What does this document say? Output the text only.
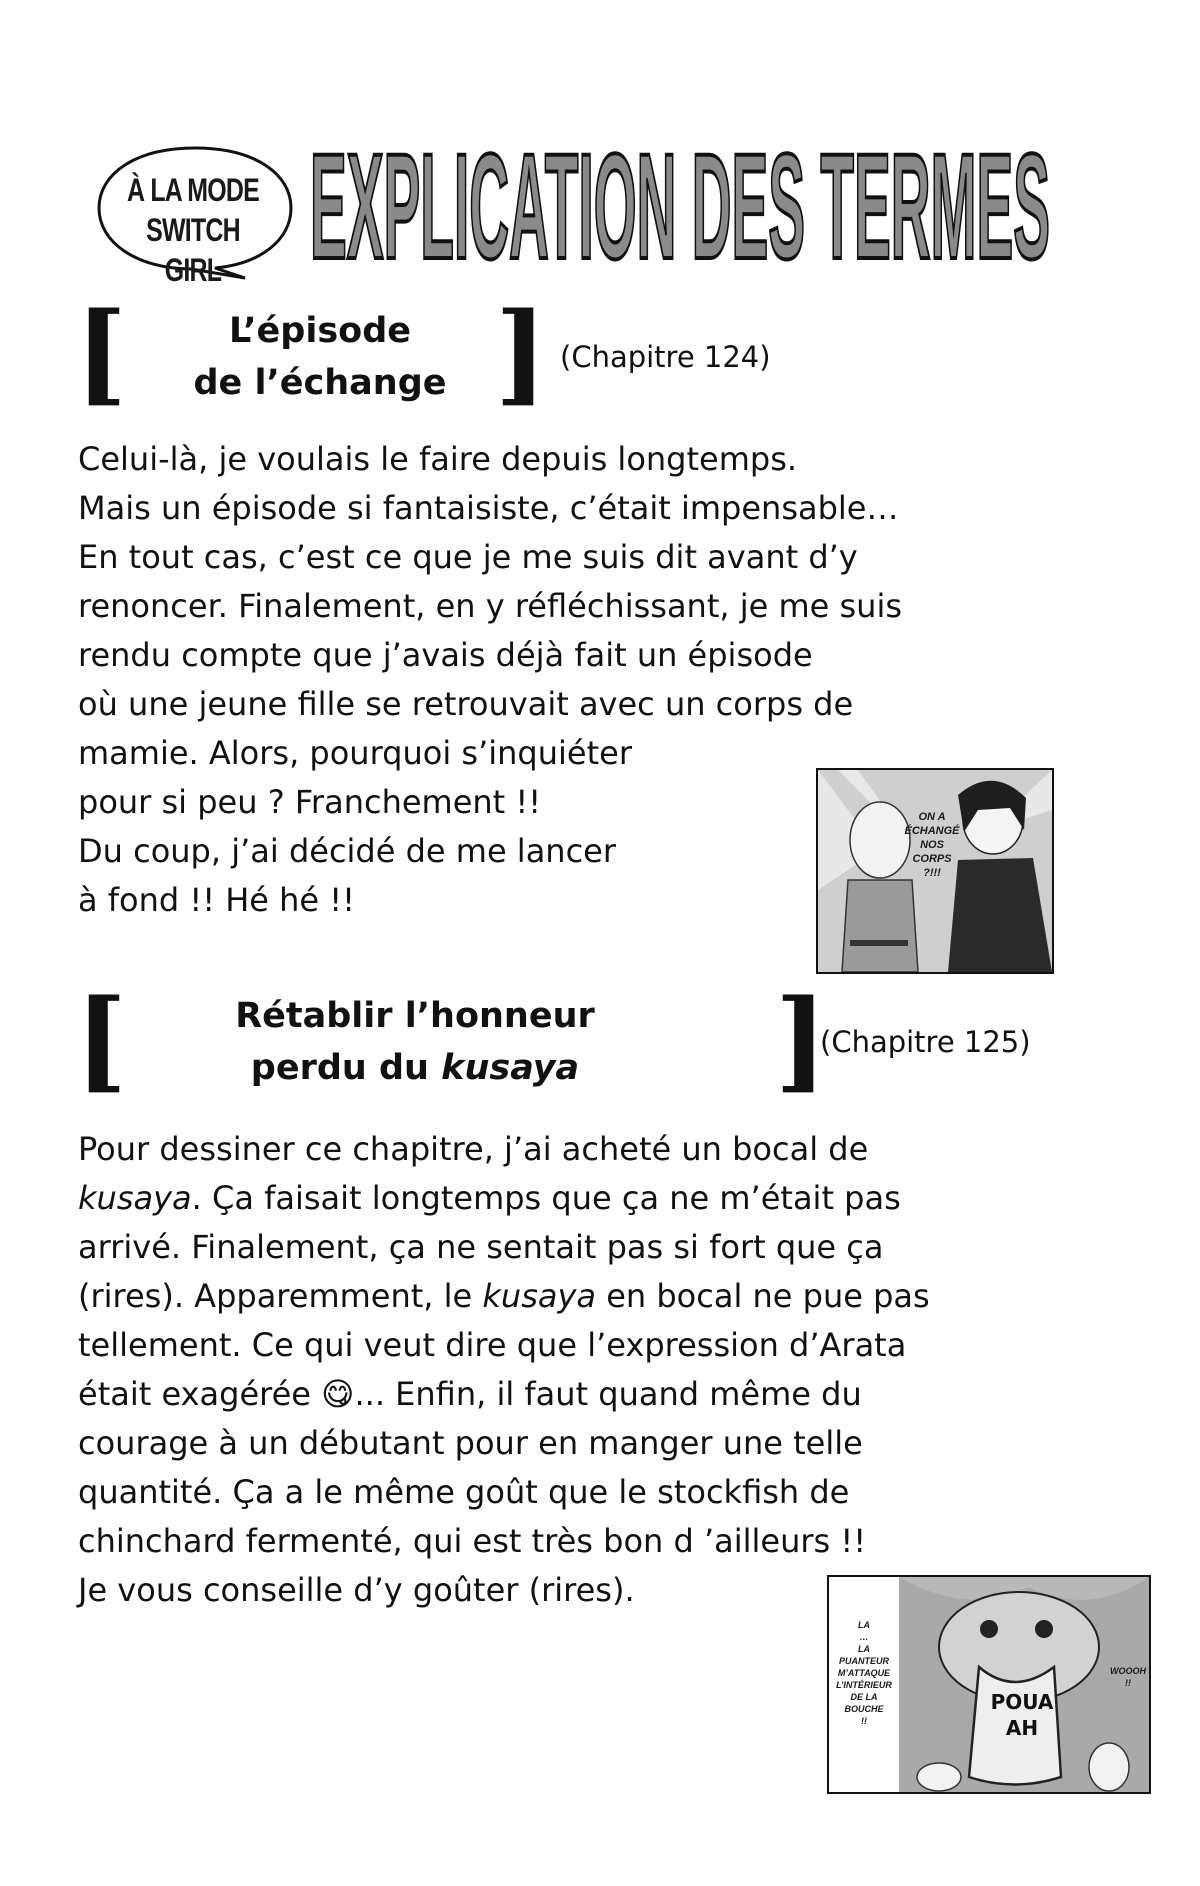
À LA MODE
SWITCH GIRL EXPLICATION DES TERMES
[	L’épisode
de l’échange ] (Chapitre 124)
Celui-là, je voulais le faire depuis longtemps.
Mais un épisode si fantaisiste, c’était impensable…
En tout cas, c’est ce que je me suis dit avant d’y
renoncer. Finalement, en y réfléchissant, je me suis
rendu compte que j’avais déjà fait un épisode
où une jeune fille se retrouvait avec un corps de
mamie. Alors, pourquoi s’inquiéter
pour si peu ? Franchement !!
Du coup, j’ai décidé de me lancer
à fond !! Hé hé !!
ON A
ÉCHANGÉ
NOS
CORPS
?!!!
[	Rétablir l’honneur
perdu du kusaya ]
(Chapitre 125)
Pour dessiner ce chapitre, j’ai acheté un bocal de
kusaya. Ça faisait longtemps que ça ne m’était pas
arrivé. Finalement, ça ne sentait pas si fort que ça
(rires). Apparemment, le kusaya en bocal ne pue pas
tellement. Ce qui veut dire que l’expression d’Arata
était exagérée 😋... Enfin, il faut quand même du
courage à un débutant pour en manger une telle
quantité. Ça a le même goût que le stockfish de
chinchard fermenté, qui est très bon d ’ailleurs !!
Je vous conseille d’y goûter (rires).
LA
…
LA
PUANTEUR
M’ATTAQUE
L’INTÉRIEUR
DE LA
BOUCHE
!!
WOOOH
!!
POUA
AH
